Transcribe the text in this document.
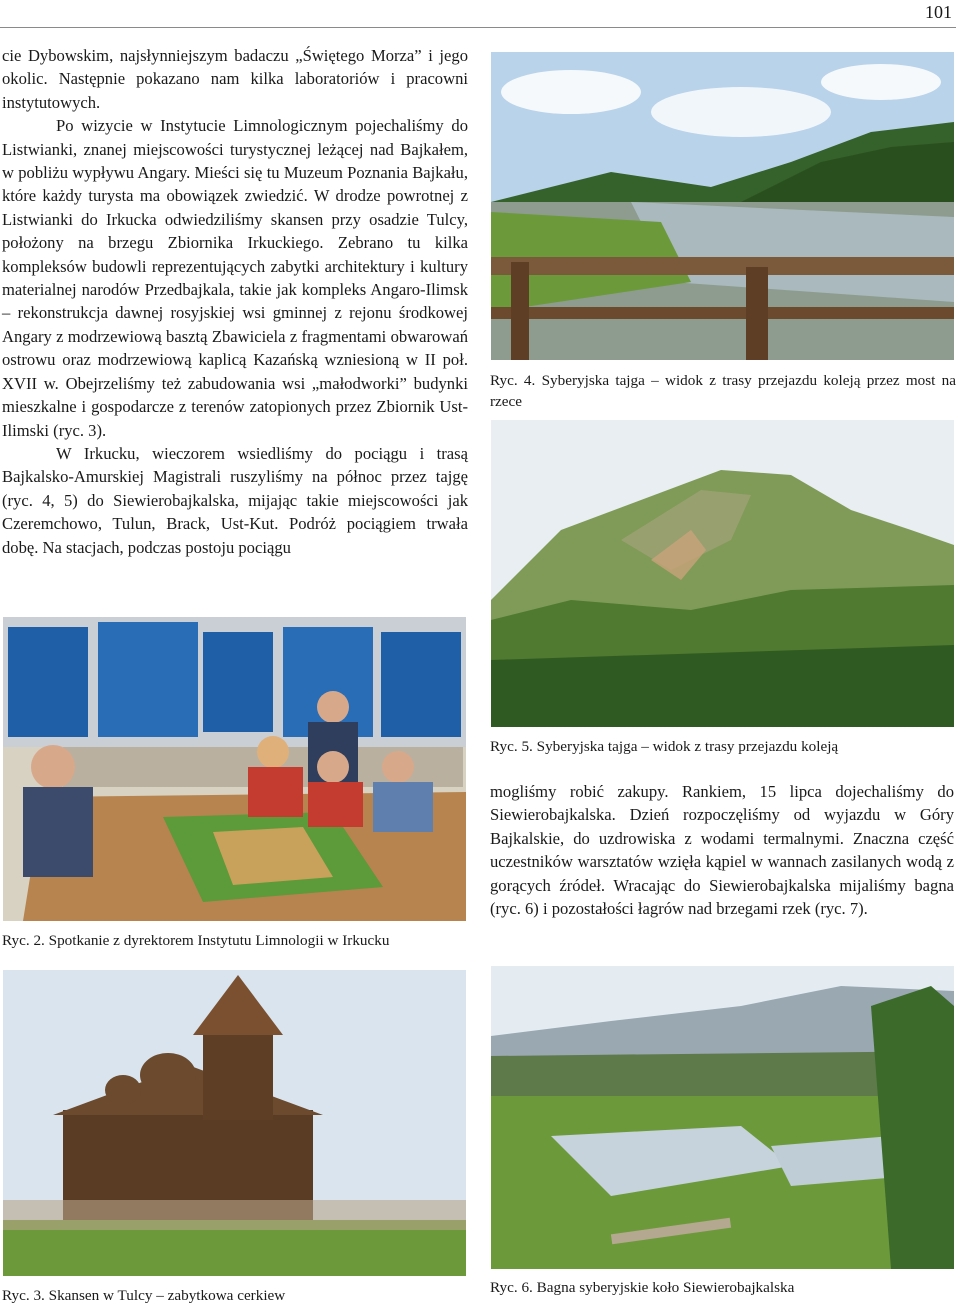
101

cie Dybowskim, najsłynniejszym badaczu „Świętego Morza” i jego okolic. Następnie pokazano nam kilka laboratoriów i pracowni instytutowych.

Po wizycie w Instytucie Limnologicznym pojechaliśmy do Listwianki, znanej miejscowości turystycznej leżącej nad Bajkałem, w pobliżu wypływu Angary. Mieści się tu Muzeum Poznania Bajkału, które każdy turysta ma obowiązek zwiedzić. W drodze powrotnej z Listwianki do Irkucka odwiedziliśmy skansen przy osadzie Tulcy, położony na brzegu Zbiornika Irkuckiego. Zebrano tu kilka kompleksów budowli reprezentujących zabytki architektury i kultury materialnej narodów Przedbajkala, takie jak kompleks Angaro-Ilimsk – rekonstrukcja dawnej rosyjskiej wsi gminnej z rejonu środkowej Angary z modrzewiową basztą Zbawiciela z fragmentami obwarowań ostrowu oraz modrzewiową kaplicą Kazańską wzniesioną w II poł. XVII w. Obejrzeliśmy też zabudowania wsi „małodworki” budynki mieszkalne i gospodarcze z terenów zatopionych przez Zbiornik Ust-Ilimski (ryc. 3).

W Irkucku, wieczorem wsiedliśmy do pociągu i trasą Bajkalsko-Amurskiej Magistrali ruszyliśmy na północ przez tajgę (ryc. 4, 5) do Siewierobajkalska, mijając takie miejscowości jak Czeremchowo, Tulun, Brack, Ust-Kut. Podróż pociągiem trwała dobę. Na stacjach, podczas postoju pociągu

Ryc. 4. Syberyjska tajga – widok z trasy przejazdu koleją przez most na rzece
Ryc. 5. Syberyjska tajga – widok z trasy przejazdu koleją

mogliśmy robić zakupy. Rankiem, 15 lipca dojechaliśmy do Siewierobajkalska. Dzień rozpoczęliśmy od wyjazdu w Góry Bajkalskie, do uzdrowiska z wodami termalnymi. Znaczna część uczestników warsztatów wzięła kąpiel w wannach zasilanych wodą z gorących źródeł. Wracając do Siewierobajkalska mijaliśmy bagna (ryc. 6) i pozostałości łagrów nad brzegami rzek (ryc. 7).

Ryc. 2. Spotkanie z dyrektorem Instytutu Limnologii w Irkucku
Ryc. 3. Skansen w Tulcy – zabytkowa cerkiew	Ryc. 6. Bagna syberyjskie koło Siewierobajkalska
